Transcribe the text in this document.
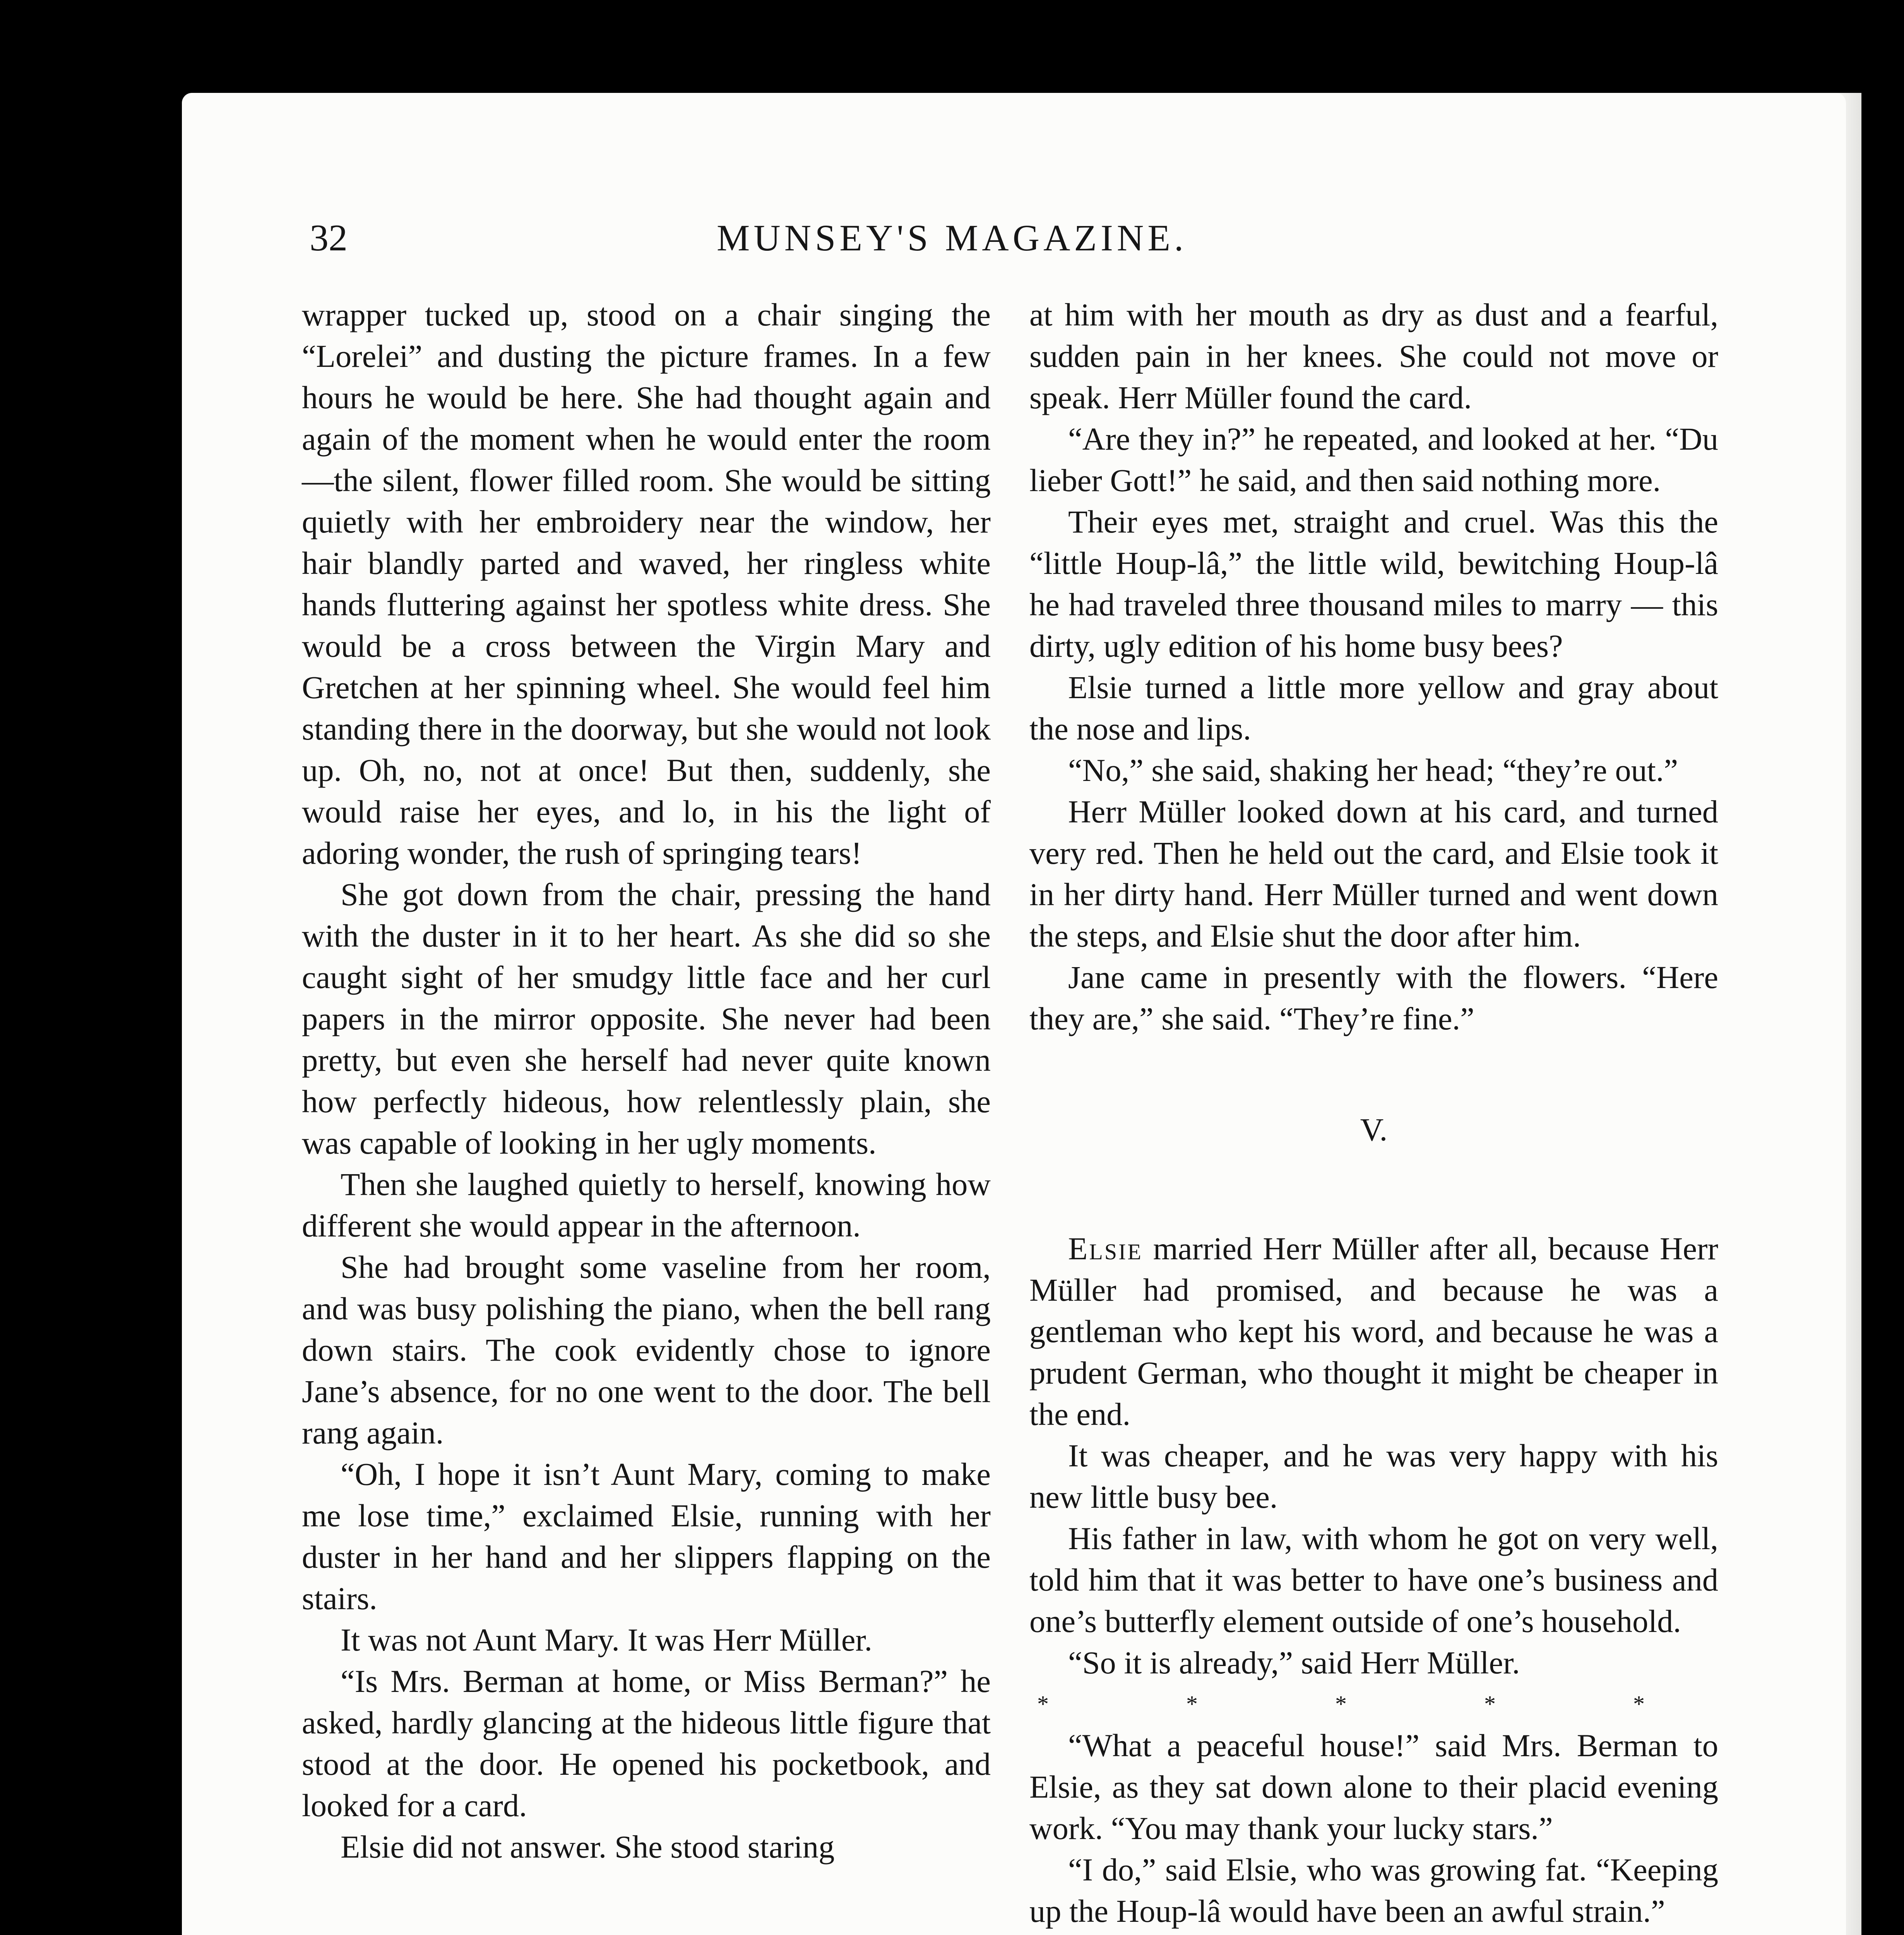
32	MUNSEY'S MAGAZINE.

wrapper tucked up, stood on a chair singing the “Lorelei” and dusting the picture frames. In a few hours he would be here. She had thought again and again of the moment when he would enter the room—the silent, flower filled room. She would be sitting quietly with her embroidery near the window, her hair blandly parted and waved, her ringless white hands fluttering against her spotless white dress. She would be a cross between the Virgin Mary and Gretchen at her spinning wheel. She would feel him standing there in the doorway, but she would not look up. Oh, no, not at once! But then, suddenly, she would raise her eyes, and lo, in his the light of adoring wonder, the rush of springing tears!

She got down from the chair, pressing the hand with the duster in it to her heart. As she did so she caught sight of her smudgy little face and her curl papers in the mirror opposite. She never had been pretty, but even she herself had never quite known how perfectly hideous, how relentlessly plain, she was capable of looking in her ugly moments.

Then she laughed quietly to herself, knowing how different she would appear in the afternoon.

She had brought some vaseline from her room, and was busy polishing the piano, when the bell rang down stairs. The cook evidently chose to ignore Jane’s absence, for no one went to the door. The bell rang again.

“Oh, I hope it isn’t Aunt Mary, coming to make me lose time,” exclaimed Elsie, running with her duster in her hand and her slippers flapping on the stairs.

It was not Aunt Mary. It was Herr Müller.

“Is Mrs. Berman at home, or Miss Berman?” he asked, hardly glancing at the hideous little figure that stood at the door. He opened his pocketbook, and looked for a card.

Elsie did not answer. She stood staring

at him with her mouth as dry as dust and a fearful, sudden pain in her knees. She could not move or speak. Herr Müller found the card.

“Are they in?” he repeated, and looked at her. “Du lieber Gott!” he said, and then said nothing more.

Their eyes met, straight and cruel. Was this the “little Houp-lâ,” the little wild, bewitching Houp-lâ he had traveled three thousand miles to marry — this dirty, ugly edition of his home busy bees?

Elsie turned a little more yellow and gray about the nose and lips.

“No,” she said, shaking her head; “they’re out.”

Herr Müller looked down at his card, and turned very red. Then he held out the card, and Elsie took it in her dirty hand. Herr Müller turned and went down the steps, and Elsie shut the door after him.

Jane came in presently with the flowers. “Here they are,” she said. “They’re fine.”

V.

Elsie married Herr Müller after all, because Herr Müller had promised, and because he was a gentleman who kept his word, and because he was a prudent German, who thought it might be cheaper in the end.

It was cheaper, and he was very happy with his new little busy bee.

His father in law, with whom he got on very well, told him that it was better to have one’s business and one’s butterfly element outside of one’s household.

“So it is already,” said Herr Müller.

* * * * *

“What a peaceful house!” said Mrs. Berman to Elsie, as they sat down alone to their placid evening work. “You may thank your lucky stars.”

“I do,” said Elsie, who was growing fat. “Keeping up the Houp-lâ would have been an awful strain.”
